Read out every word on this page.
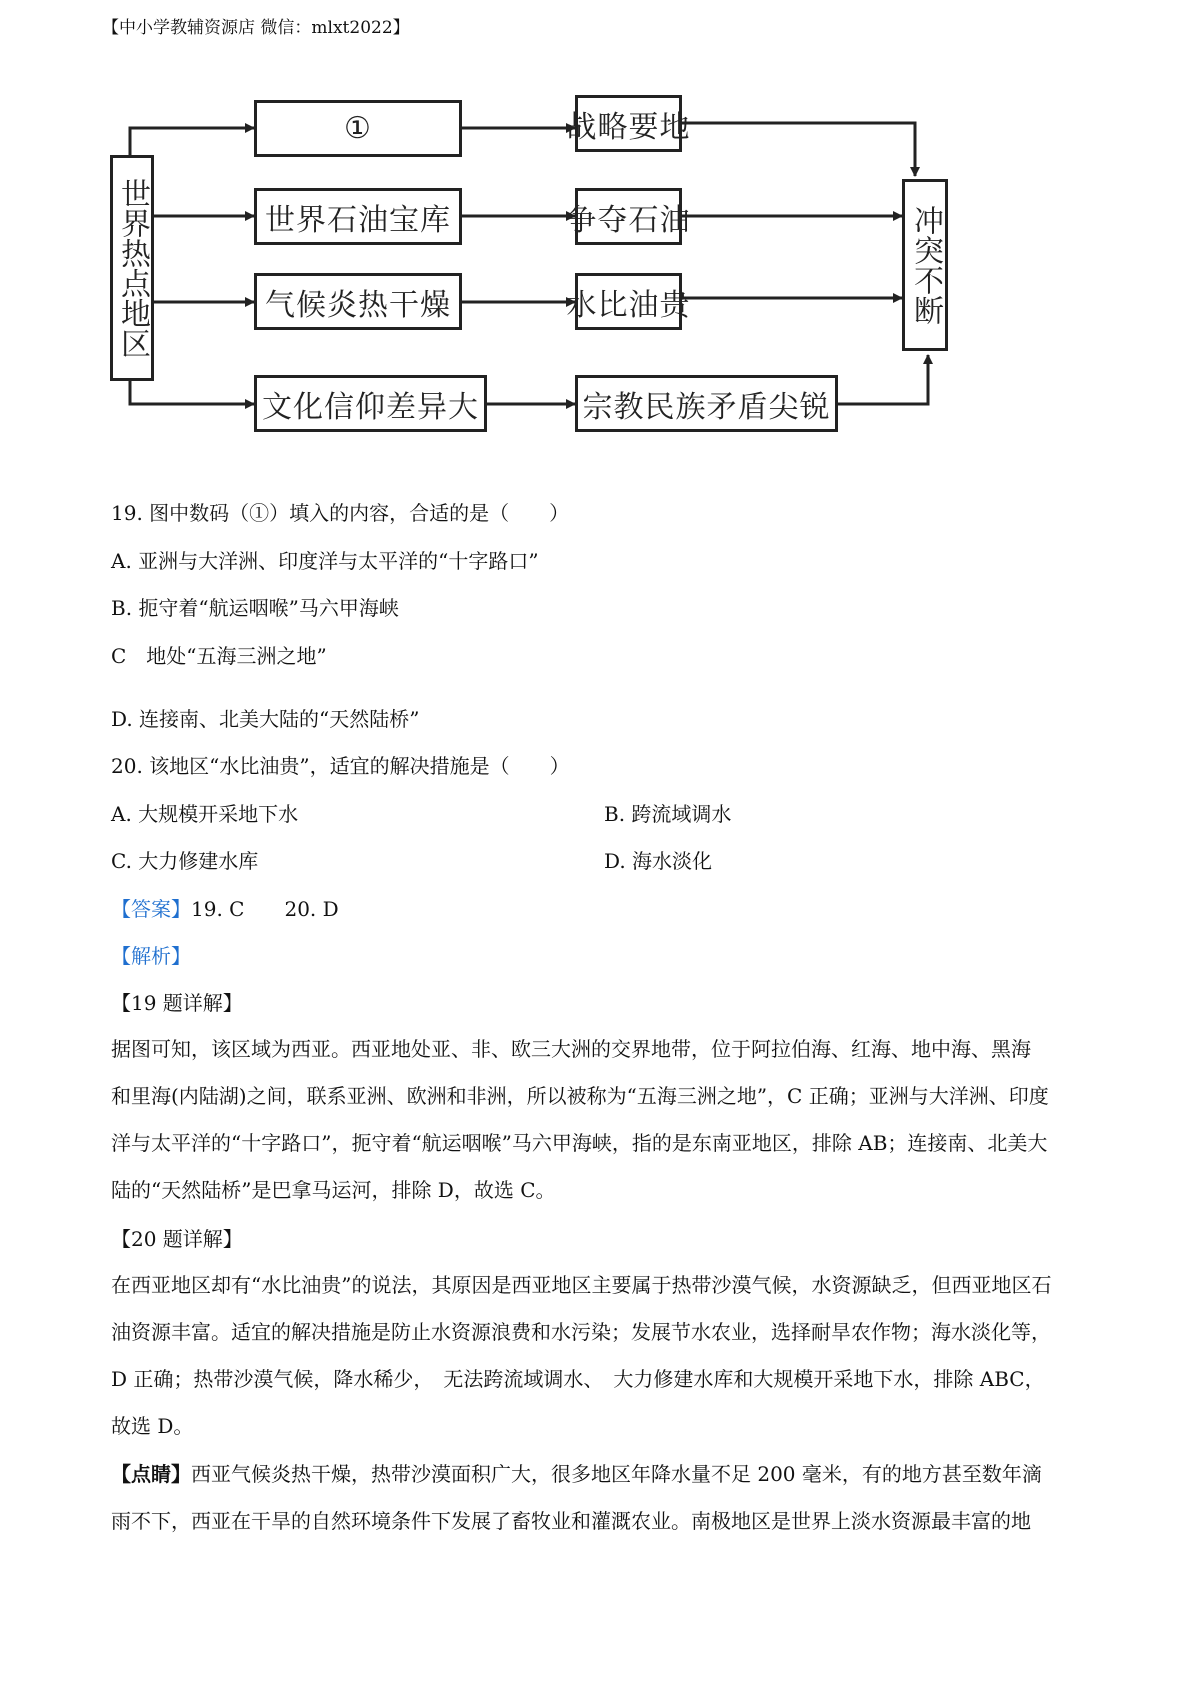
【中小学教辅资源店 微信：mlxt2022】
世界热点地区
①
世界石油宝库
气候炎热干燥
文化信仰差异大
战略要地
争夺石油
水比油贵
宗教民族矛盾尖锐
冲突不断
19. 图中数码（①）填入的内容，合适的是（　　）
A. 亚洲与大洋洲、印度洋与太平洋的“十字路口”
B. 扼守着“航运咽喉”马六甲海峡
C　地处“五海三洲之地”
D. 连接南、北美大陆的“天然陆桥”
20. 该地区“水比油贵”，适宜的解决措施是（　　）
A. 大规模开采地下水	B. 跨流域调水
C. 大力修建水库	D. 海水淡化
【答案】19. C　　20. D
【解析】
【19 题详解】
据图可知，该区域为西亚。西亚地处亚、非、欧三大洲的交界地带，位于阿拉伯海、红海、地中海、黑海
和里海(内陆湖)之间，联系亚洲、欧洲和非洲，所以被称为“五海三洲之地”，C 正确；亚洲与大洋洲、印度
洋与太平洋的“十字路口”，扼守着“航运咽喉”马六甲海峡，指的是东南亚地区，排除 AB；连接南、北美大
陆的“天然陆桥”是巴拿马运河，排除 D，故选 C。
【20 题详解】
在西亚地区却有“水比油贵”的说法，其原因是西亚地区主要属于热带沙漠气候，水资源缺乏，但西亚地区石
油资源丰富。适宜的解决措施是防止水资源浪费和水污染；发展节水农业，选择耐旱农作物；海水淡化等，
D 正确；热带沙漠气候，降水稀少，　无法跨流域调水、　大力修建水库和大规模开采地下水，排除 ABC，
故选 D。
【点睛】西亚气候炎热干燥，热带沙漠面积广大，很多地区年降水量不足 200 毫米，有的地方甚至数年滴
雨不下，西亚在干旱的自然环境条件下发展了畜牧业和灌溉农业。南极地区是世界上淡水资源最丰富的地
